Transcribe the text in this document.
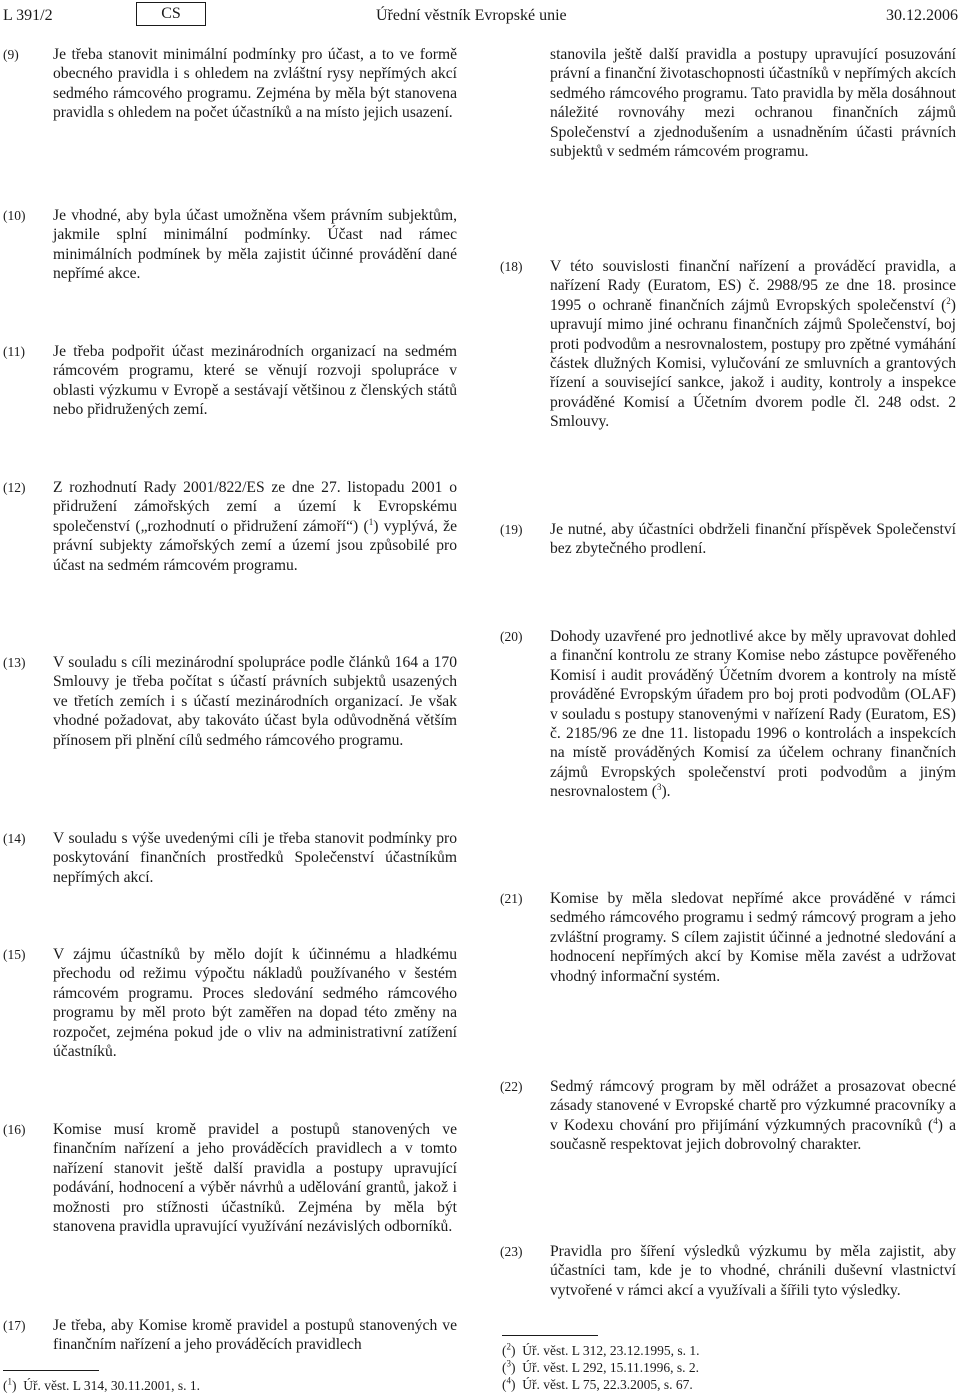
L 391/2	CS	Úřední věstník Evropské unie	30.12.2006
(9) Je třeba stanovit minimální podmínky pro účast, a to ve formě obecného pravidla i s ohledem na zvláštní rysy nepřímých akcí sedmého rámcového programu. Zejména by měla být stanovena pravidla s ohledem na počet účastníků a na místo jejich usazení.
(10) Je vhodné, aby byla účast umožněna všem právním subjektům, jakmile splní minimální podmínky. Účast nad rámec minimálních podmínek by měla zajistit účinné provádění dané nepřímé akce.
(11) Je třeba podpořit účast mezinárodních organizací na sedmém rámcovém programu, které se věnují rozvoji spolupráce v oblasti výzkumu v Evropě a sestávají většinou z členských států nebo přidružených zemí.
(12) Z rozhodnutí Rady 2001/822/ES ze dne 27. listopadu 2001 o přidružení zámořských zemí a území k Evropskému společenství („rozhodnutí o přidružení zámoří“) ($^1$) vyplývá, že právní subjekty zámořských zemí a území jsou způsobilé pro účast na sedmém rámcovém programu.
(13) V souladu s cíli mezinárodní spolupráce podle článků 164 a 170 Smlouvy je třeba počítat s účastí právních subjektů usazených ve třetích zemích i s účastí mezinárodních organizací. Je však vhodné požadovat, aby takováto účast byla odůvodněná větším přínosem při plnění cílů sedmého rámcového programu.
(14) V souladu s výše uvedenými cíli je třeba stanovit podmínky pro poskytování finančních prostředků Společenství účastníkům nepřímých akcí.
(15) V zájmu účastníků by mělo dojít k účinnému a hladkému přechodu od režimu výpočtu nákladů používaného v šestém rámcovém programu. Proces sledování sedmého rámcového programu by měl proto být zaměřen na dopad této změny na rozpočet, zejména pokud jde o vliv na administrativní zatížení účastníků.
(16) Komise musí kromě pravidel a postupů stanovených ve finančním nařízení a jeho prováděcích pravidlech a v tomto nařízení stanovit ještě další pravidla a postupy upravující podávání, hodnocení a výběr návrhů a udělování grantů, jakož i možnosti pro stížnosti účastníků. Zejména by měla být stanovena pravidla upravující využívání nezávislých odborníků.
(17) Je třeba, aby Komise kromě pravidel a postupů stanovených ve finančním nařízení a jeho prováděcích pravidlech
($^1$)  Úř. věst. L 314, 30.11.2001, s. 1.
stanovila ještě další pravidla a postupy upravující posuzování právní a finanční životaschopnosti účastníků v nepřímých akcích sedmého rámcového programu. Tato pravidla by měla dosáhnout náležité rovnováhy mezi ochranou finančních zájmů Společenství a zjednodušením a usnadněním účasti právních subjektů v sedmém rámcovém programu.
(18) V této souvislosti finanční nařízení a prováděcí pravidla, a nařízení Rady (Euratom, ES) č. 2988/95 ze dne 18. prosince 1995 o ochraně finančních zájmů Evropských společenství ($^2$) upravují mimo jiné ochranu finančních zájmů Společenství, boj proti podvodům a nesrovnalostem, postupy pro zpětné vymáhání částek dlužných Komisi, vylučování ze smluvních a grantových řízení a související sankce, jakož i audity, kontroly a inspekce prováděné Komisí a Účetním dvorem podle čl. 248 odst. 2 Smlouvy.
(19) Je nutné, aby účastníci obdrželi finanční příspěvek Společenství bez zbytečného prodlení.
(20) Dohody uzavřené pro jednotlivé akce by měly upravovat dohled a finanční kontrolu ze strany Komise nebo zástupce pověřeného Komisí i audit prováděný Účetním dvorem a kontroly na místě prováděné Evropským úřadem pro boj proti podvodům (OLAF) v souladu s postupy stanovenými v nařízení Rady (Euratom, ES) č. 2185/96 ze dne 11. listopadu 1996 o kontrolách a inspekcích na místě prováděných Komisí za účelem ochrany finančních zájmů Evropských společenství proti podvodům a jiným nesrovnalostem ($^3$).
(21) Komise by měla sledovat nepřímé akce prováděné v rámci sedmého rámcového programu i sedmý rámcový program a jeho zvláštní programy. S cílem zajistit účinné a jednotné sledování a hodnocení nepřímých akcí by Komise měla zavést a udržovat vhodný informační systém.
(22) Sedmý rámcový program by měl odrážet a prosazovat obecné zásady stanovené v Evropské chartě pro výzkumné pracovníky a v Kodexu chování pro přijímání výzkumných pracovníků ($^4$) a současně respektovat jejich dobrovolný charakter.
(23) Pravidla pro šíření výsledků výzkumu by měla zajistit, aby účastníci tam, kde je to vhodné, chránili duševní vlastnictví vytvořené v rámci akcí a využívali a šířili tyto výsledky.
($^2$)  Úř. věst. L 312, 23.12.1995, s. 1.
($^3$)  Úř. věst. L 292, 15.11.1996, s. 2.
($^4$)  Úř. věst. L 75, 22.3.2005, s. 67.
